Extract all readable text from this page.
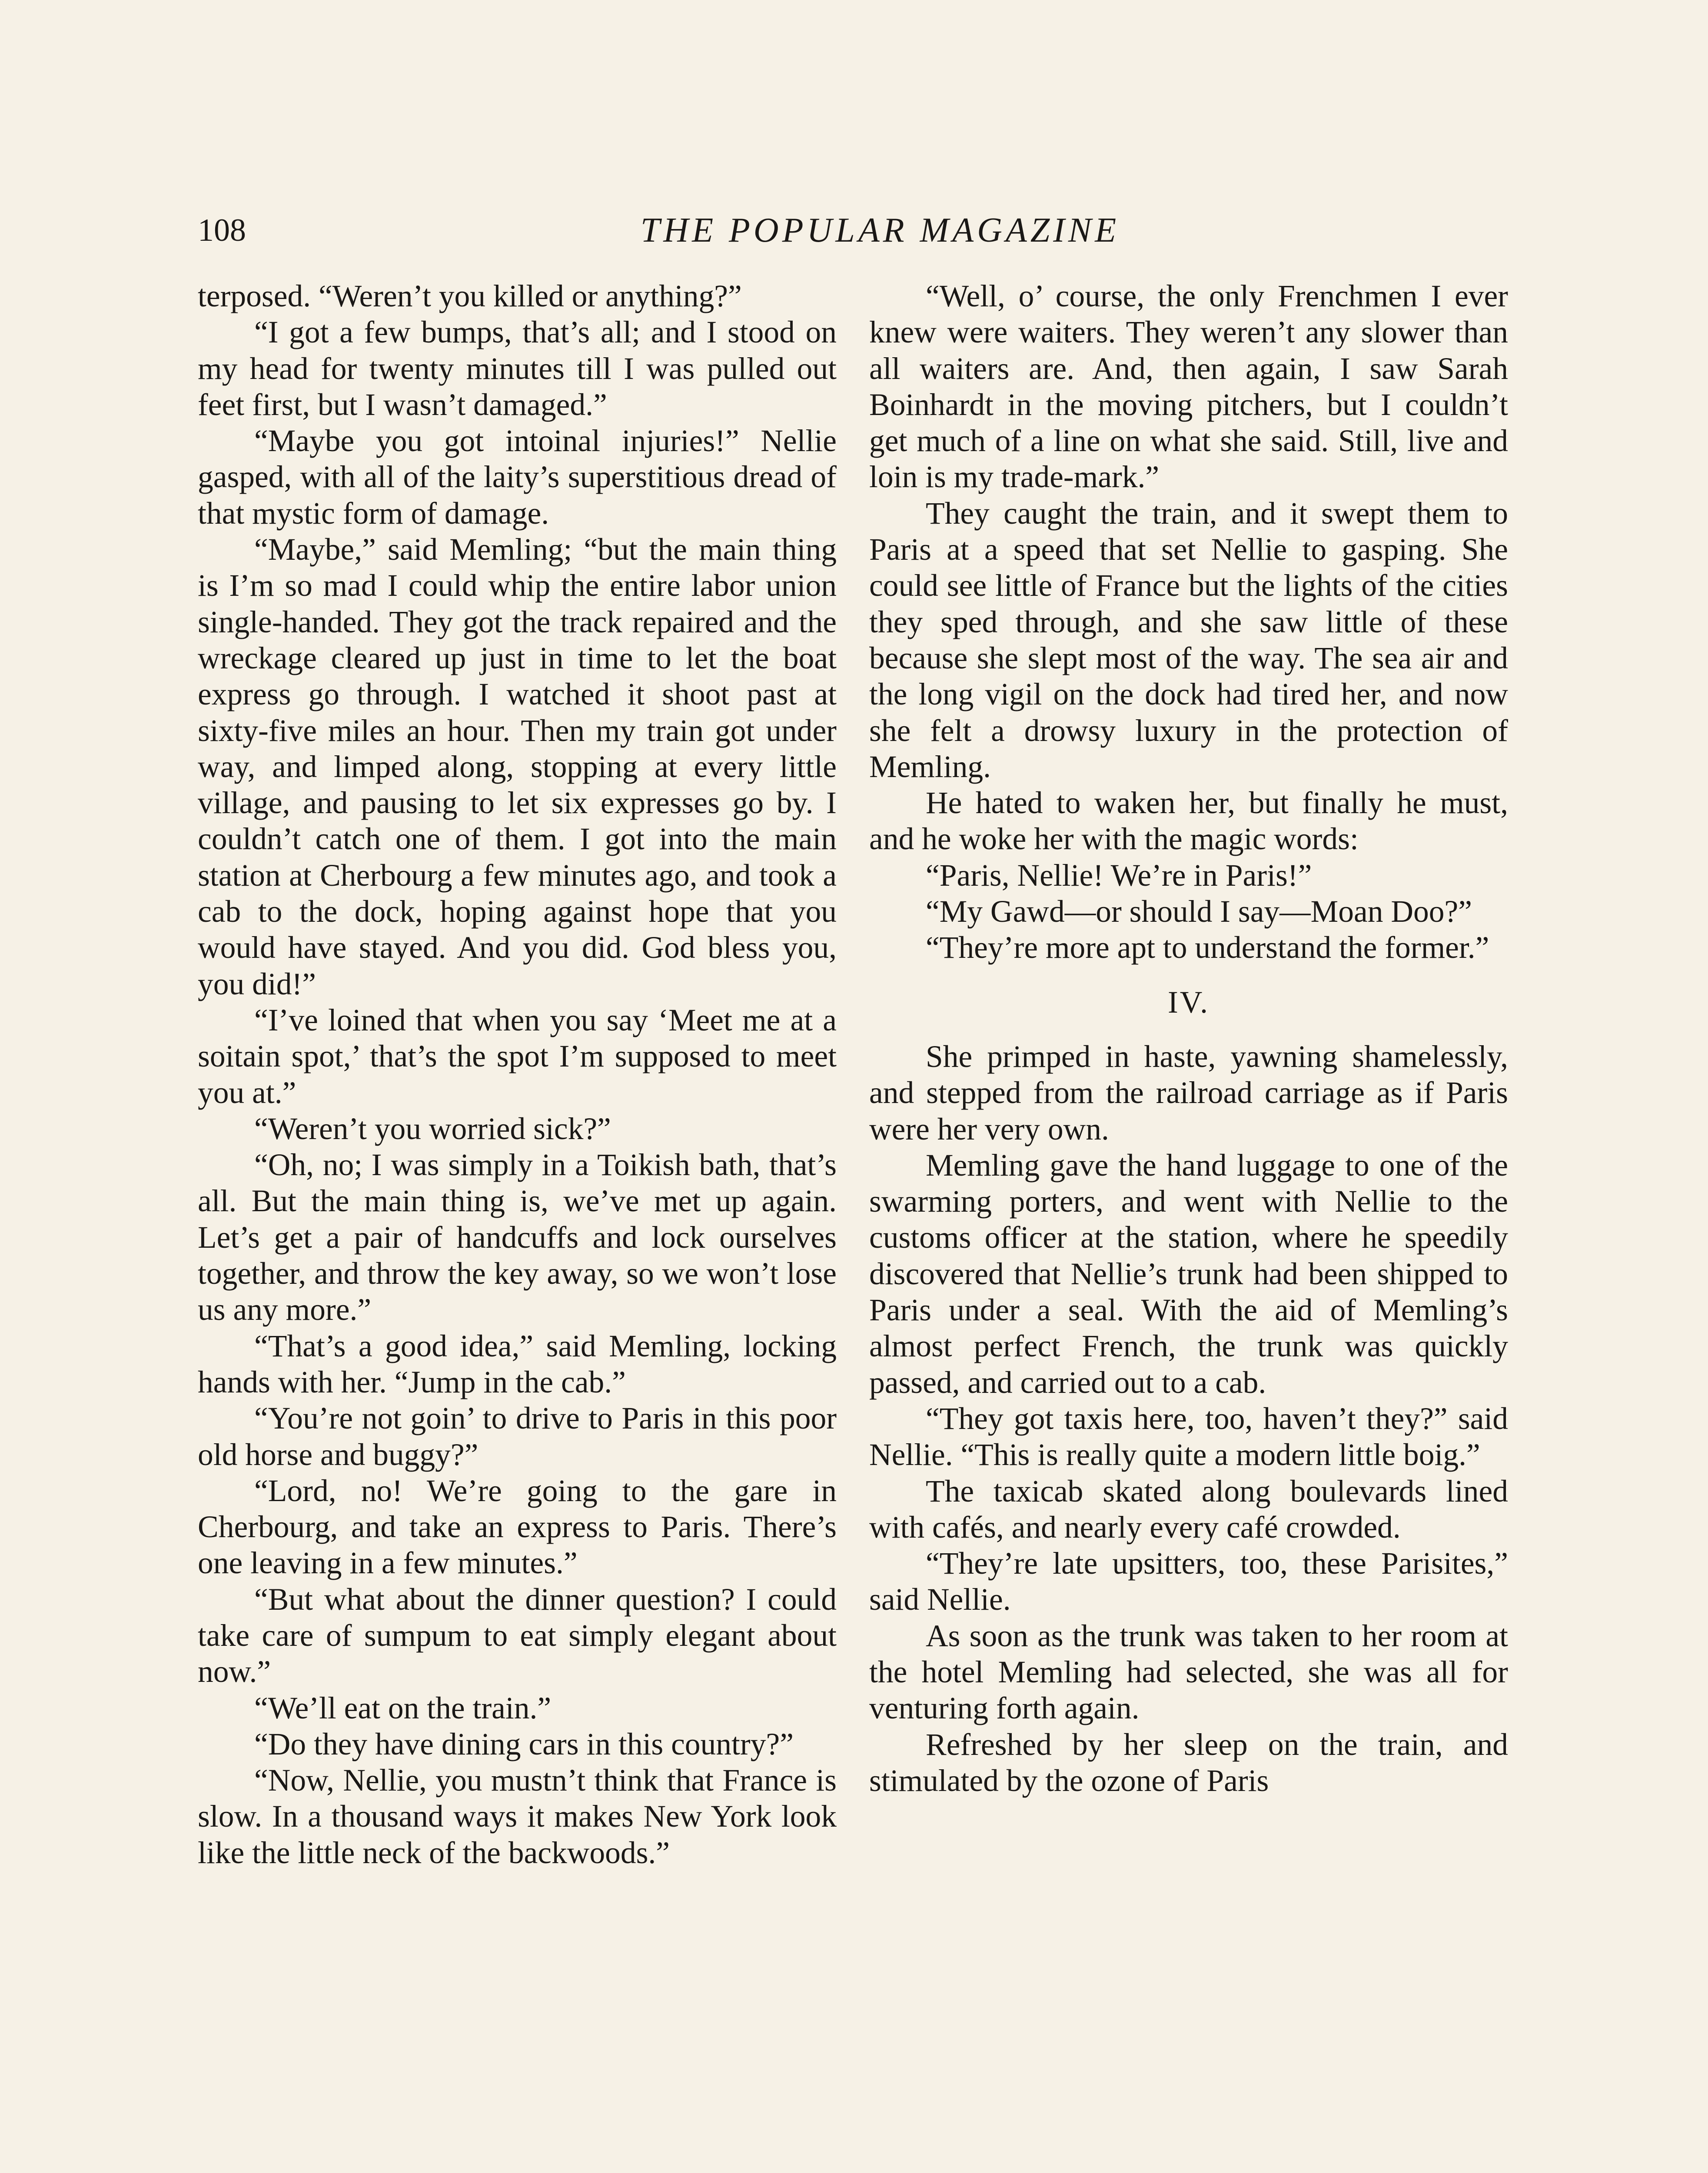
108	THE POPULAR MAGAZINE

terposed. “Weren’t you killed or anything?”

“I got a few bumps, that’s all; and I stood on my head for twenty minutes till I was pulled out feet first, but I wasn’t damaged.”

“Maybe you got intoinal injuries!” Nellie gasped, with all of the laity’s superstitious dread of that mystic form of damage.

“Maybe,” said Memling; “but the main thing is I’m so mad I could whip the entire labor union single-handed. They got the track repaired and the wreckage cleared up just in time to let the boat express go through. I watched it shoot past at sixty-five miles an hour. Then my train got under way, and limped along, stopping at every little village, and pausing to let six expresses go by. I couldn’t catch one of them. I got into the main station at Cherbourg a few minutes ago, and took a cab to the dock, hoping against hope that you would have stayed. And you did. God bless you, you did!”

“I’ve loined that when you say ‘Meet me at a soitain spot,’ that’s the spot I’m supposed to meet you at.”

“Weren’t you worried sick?”

“Oh, no; I was simply in a Toikish bath, that’s all. But the main thing is, we’ve met up again. Let’s get a pair of handcuffs and lock ourselves together, and throw the key away, so we won’t lose us any more.”

“That’s a good idea,” said Memling, locking hands with her. “Jump in the cab.”

“You’re not goin’ to drive to Paris in this poor old horse and buggy?”

“Lord, no! We’re going to the gare in Cherbourg, and take an express to Paris. There’s one leaving in a few minutes.”

“But what about the dinner question? I could take care of sumpum to eat simply elegant about now.”

“We’ll eat on the train.”

“Do they have dining cars in this country?”

“Now, Nellie, you mustn’t think that France is slow. In a thousand ways it makes New York look like the little neck of the backwoods.”

“Well, o’ course, the only Frenchmen I ever knew were waiters. They weren’t any slower than all waiters are. And, then again, I saw Sarah Boinhardt in the moving pitchers, but I couldn’t get much of a line on what she said. Still, live and loin is my trade-mark.”

They caught the train, and it swept them to Paris at a speed that set Nellie to gasping. She could see little of France but the lights of the cities they sped through, and she saw little of these because she slept most of the way. The sea air and the long vigil on the dock had tired her, and now she felt a drowsy luxury in the protection of Memling.

He hated to waken her, but finally he must, and he woke her with the magic words:

“Paris, Nellie! We’re in Paris!”

“My Gawd—or should I say—Moan Doo?”

“They’re more apt to understand the former.”

IV.

She primped in haste, yawning shamelessly, and stepped from the railroad carriage as if Paris were her very own.

Memling gave the hand luggage to one of the swarming porters, and went with Nellie to the customs officer at the station, where he speedily discovered that Nellie’s trunk had been shipped to Paris under a seal. With the aid of Memling’s almost perfect French, the trunk was quickly passed, and carried out to a cab.

“They got taxis here, too, haven’t they?” said Nellie. “This is really quite a modern little boig.”

The taxicab skated along boulevards lined with cafés, and nearly every café crowded.

“They’re late upsitters, too, these Parisites,” said Nellie.

As soon as the trunk was taken to her room at the hotel Memling had selected, she was all for venturing forth again.

Refreshed by her sleep on the train, and stimulated by the ozone of Paris
